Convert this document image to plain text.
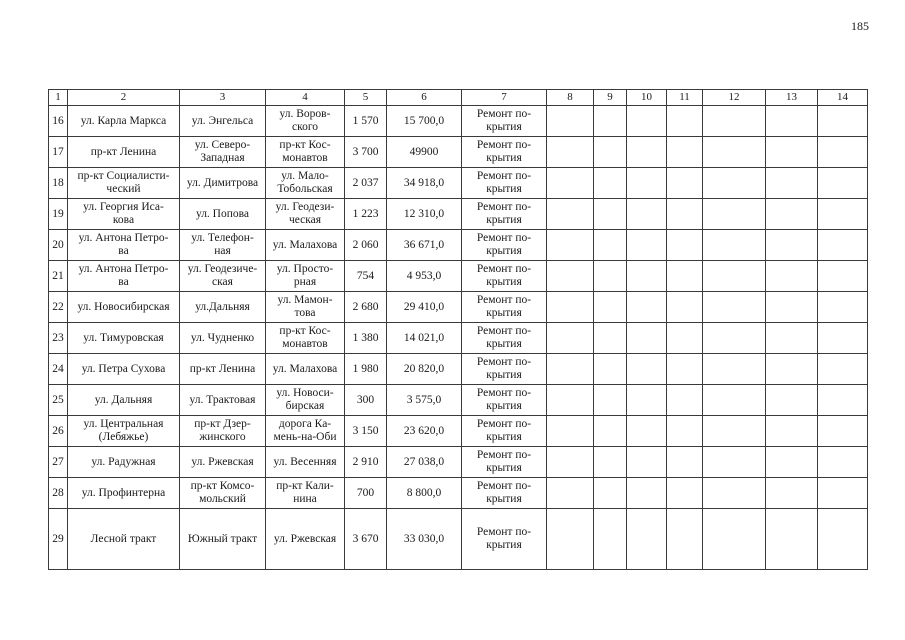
185
1	2	3	4	5	6	7	8	9	10	11	12	13	14
16	ул. Карла Маркса	ул. Энгельса	ул. Воров-
ского	1 570	15 700,0	Ремонт по-
крытия							
17	пр-кт Ленина	ул. Северо-
Западная	пр-кт Кос-
монавтов	3 700	49900	Ремонт по-
крытия							
18	пр-кт Социалисти-
ческий	ул. Димитрова	ул. Мало-
Тобольская	2 037	34 918,0	Ремонт по-
крытия							
19	ул. Георгия Иса-
кова	ул. Попова	ул. Геодези-
ческая	1 223	12 310,0	Ремонт по-
крытия							
20	ул. Антона Петро-
ва	ул. Телефон-
ная	ул. Малахова	2 060	36 671,0	Ремонт по-
крытия							
21	ул. Антона Петро-
ва	ул. Геодезиче-
ская	ул. Просто-
рная	754	4 953,0	Ремонт по-
крытия							
22	ул. Новосибирская	ул.Дальняя	ул. Мамон-
това	2 680	29 410,0	Ремонт по-
крытия							
23	ул. Тимуровская	ул. Чудненко	пр-кт Кос-
монавтов	1 380	14 021,0	Ремонт по-
крытия							
24	ул. Петра Сухова	пр-кт Ленина	ул. Малахова	1 980	20 820,0	Ремонт по-
крытия							
25	ул. Дальняя	ул. Трактовая	ул. Новоси-
бирская	300	3 575,0	Ремонт по-
крытия							
26	ул. Центральная
(Лебяжье)	пр-кт Дзер-
жинского	дорога Ка-
мень-на-Оби	3 150	23 620,0	Ремонт по-
крытия							
27	ул. Радужная	ул. Ржевская	ул. Весенняя	2 910	27 038,0	Ремонт по-
крытия							
28	ул. Профинтерна	пр-кт Комсо-
мольский	пр-кт Кали-
нина	700	8 800,0	Ремонт по-
крытия							
29	Лесной тракт	Южный тракт	ул. Ржевская	3 670	33 030,0	Ремонт по-
крытия							
